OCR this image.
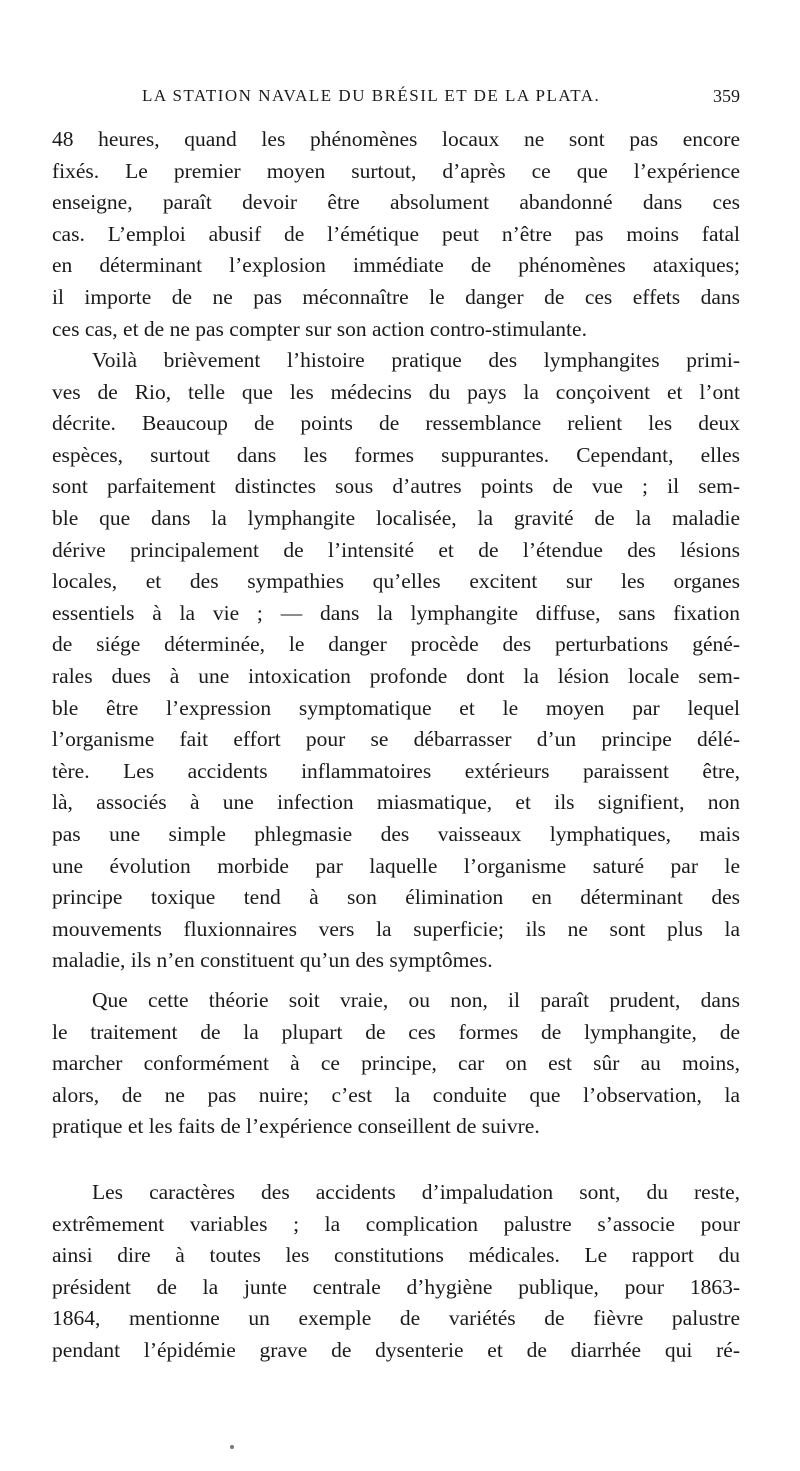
LA STATION NAVALE DU BRÉSIL ET DE LA PLATA.	359
48 heures, quand les phénomènes locaux ne sont pas encore
fixés. Le premier moyen surtout, d’après ce que l’expérience
enseigne, paraît devoir être absolument abandonné dans ces
cas. L’emploi abusif de l’émétique peut n’être pas moins fatal
en déterminant l’explosion immédiate de phénomènes ataxiques;
il importe de ne pas méconnaître le danger de ces effets dans
ces cas, et de ne pas compter sur son action contro-stimulante.
Voilà brièvement l’histoire pratique des lymphangites primi-
ves de Rio, telle que les médecins du pays la conçoivent et l’ont
décrite. Beaucoup de points de ressemblance relient les deux
espèces, surtout dans les formes suppurantes. Cependant, elles
sont parfaitement distinctes sous d’autres points de vue ; il sem-
ble que dans la lymphangite localisée, la gravité de la maladie
dérive principalement de l’intensité et de l’étendue des lésions
locales, et des sympathies qu’elles excitent sur les organes
essentiels à la vie ; — dans la lymphangite diffuse, sans fixation
de siége déterminée, le danger procède des perturbations géné-
rales dues à une intoxication profonde dont la lésion locale sem-
ble être l’expression symptomatique et le moyen par lequel
l’organisme fait effort pour se débarrasser d’un principe délé-
tère. Les accidents inflammatoires extérieurs paraissent être,
là, associés à une infection miasmatique, et ils signifient, non
pas une simple phlegmasie des vaisseaux lymphatiques, mais
une évolution morbide par laquelle l’organisme saturé par le
principe toxique tend à son élimination en déterminant des
mouvements fluxionnaires vers la superficie; ils ne sont plus la
maladie, ils n’en constituent qu’un des symptômes.
Que cette théorie soit vraie, ou non, il paraît prudent, dans
le traitement de la plupart de ces formes de lymphangite, de
marcher conformément à ce principe, car on est sûr au moins,
alors, de ne pas nuire; c’est la conduite que l’observation, la
pratique et les faits de l’expérience conseillent de suivre.
Les caractères des accidents d’impaludation sont, du reste,
extrêmement variables ; la complication palustre s’associe pour
ainsi dire à toutes les constitutions médicales. Le rapport du
président de la junte centrale d’hygiène publique, pour 1863-
1864, mentionne un exemple de variétés de fièvre palustre
pendant l’épidémie grave de dysenterie et de diarrhée qui ré-
